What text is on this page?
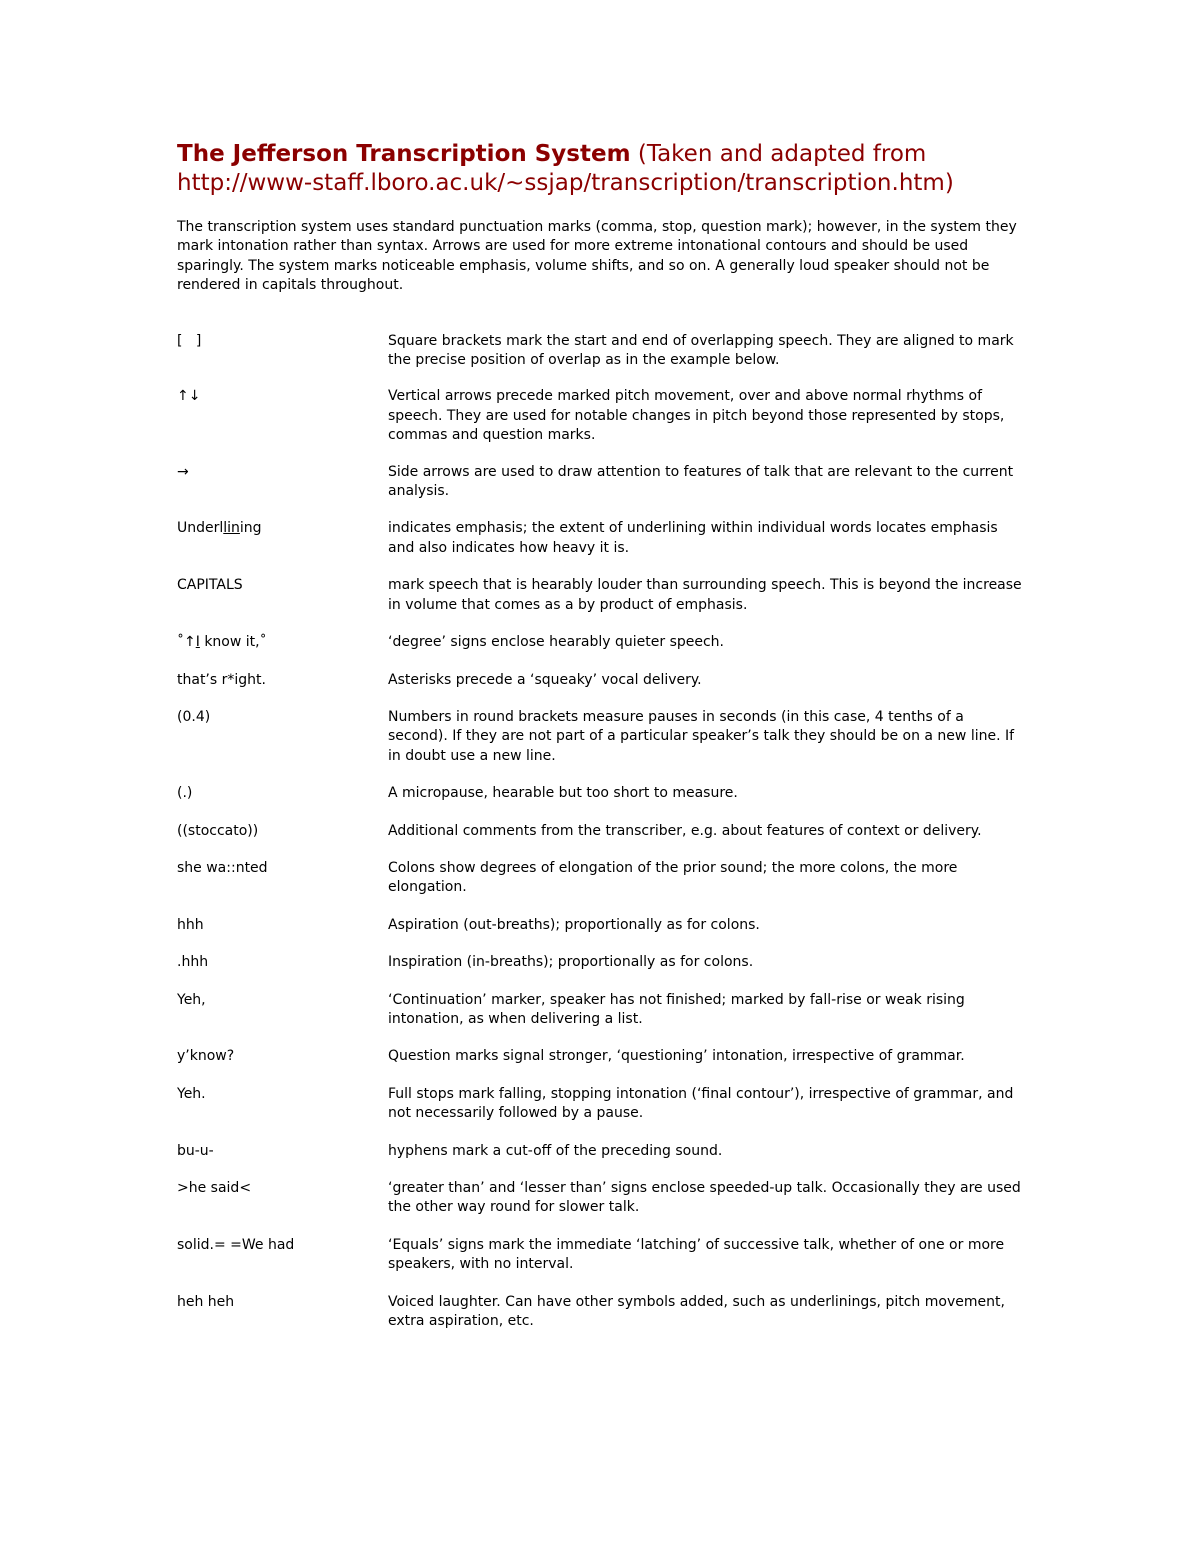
The Jefferson Transcription System (Taken and adapted from
http://www-staff.lboro.ac.uk/~ssjap/transcription/transcription.htm)

The transcription system uses standard punctuation marks (comma, stop, question mark); however, in the system they mark intonation rather than syntax. Arrows are used for more extreme intonational contours and should be used sparingly. The system marks noticeable emphasis, volume shifts, and so on. A generally loud speaker should not be rendered in capitals throughout.

[   ]	Square brackets mark the start and end of overlapping speech. They are aligned to mark the precise position of overlap as in the example below.
↑↓	Vertical arrows precede marked pitch movement, over and above normal rhythms of speech. They are used for notable changes in pitch beyond those represented by stops, commas and question marks.
→	Side arrows are used to draw attention to features of talk that are relevant to the current analysis.
Underllining	indicates emphasis; the extent of underlining within individual words locates emphasis and also indicates how heavy it is.
CAPITALS	mark speech that is hearably louder than surrounding speech. This is beyond the increase in volume that comes as a by product of emphasis.
˚↑I know it,˚	‘degree’ signs enclose hearably quieter speech.
that’s r*ight.	Asterisks precede a ‘squeaky’ vocal delivery.
(0.4)	Numbers in round brackets measure pauses in seconds (in this case, 4 tenths of a second). If they are not part of a particular speaker’s talk they should be on a new line. If in doubt use a new line.
(.)	A micropause, hearable but too short to measure.
((stoccato))	Additional comments from the transcriber, e.g. about features of context or delivery.
she wa::nted	Colons show degrees of elongation of the prior sound; the more colons, the more elongation.
hhh	Aspiration (out-breaths); proportionally as for colons.
.hhh	Inspiration (in-breaths); proportionally as for colons.
Yeh,	‘Continuation’ marker, speaker has not finished; marked by fall-rise or weak rising intonation, as when delivering a list.
y’know?	Question marks signal stronger, ‘questioning’ intonation, irrespective of grammar.
Yeh.	Full stops mark falling, stopping intonation (‘final contour’), irrespective of grammar, and not necessarily followed by a pause.
bu-u-	hyphens mark a cut-off of the preceding sound.
>he said<	‘greater than’ and ‘lesser than’ signs enclose speeded-up talk. Occasionally they are used the other way round for slower talk.
solid.= =We had	‘Equals’ signs mark the immediate ‘latching’ of successive talk, whether of one or more speakers, with no interval.
heh heh	Voiced laughter. Can have other symbols added, such as underlinings, pitch movement, extra aspiration, etc.
